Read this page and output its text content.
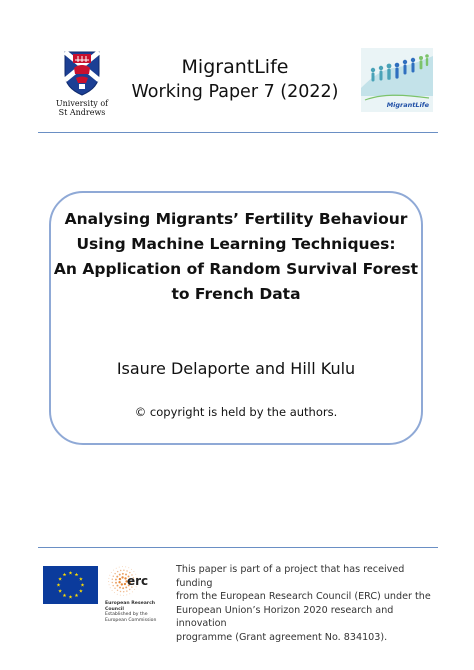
University of
St Andrews
MigrantLife
Working Paper 7 (2022)
MigrantLife
Analysing Migrants’ Fertility Behaviour
Using Machine Learning Techniques:
An Application of Random Survival Forest
to French Data
Isaure Delaporte and Hill Kulu
© copyright is held by the authors.
erc
European Research Council
Established by the European Commission
This paper is part of a project that has received funding
from the European Research Council (ERC) under the
European Union’s Horizon 2020 research and innovation
programme (Grant agreement No. 834103).
